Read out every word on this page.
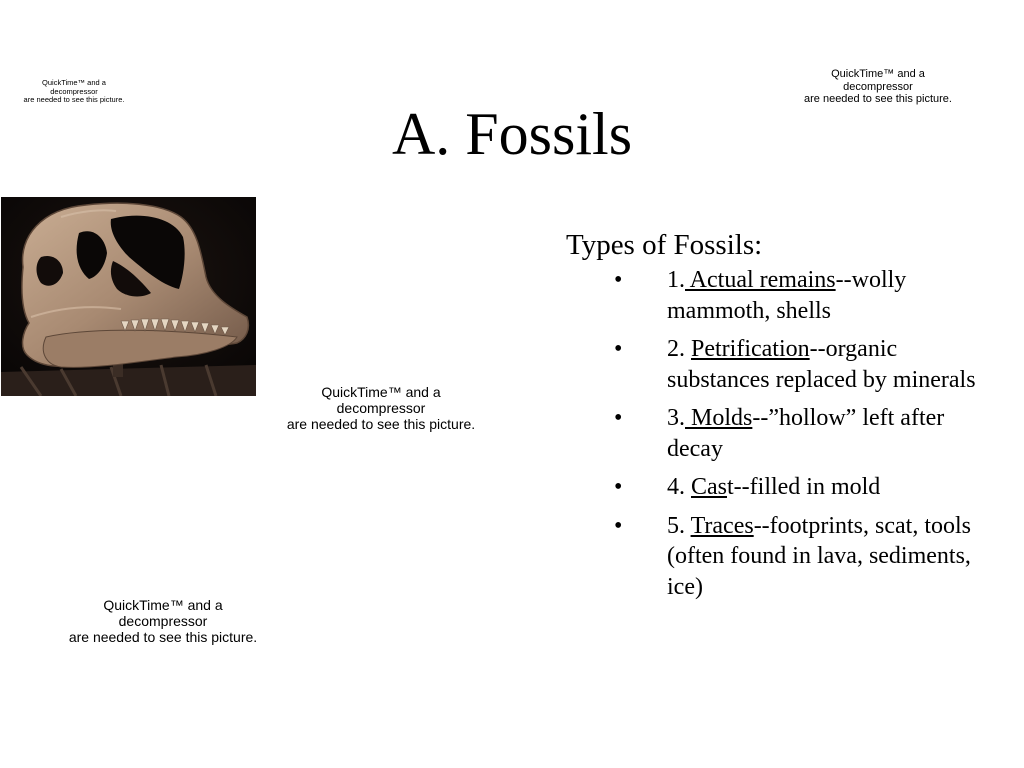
QuickTime™ and a
decompressor
are needed to see this picture.
QuickTime™ and a
decompressor
are needed to see this picture.
QuickTime™ and a
decompressor
are needed to see this picture.
QuickTime™ and a
decompressor
are needed to see this picture.
A. Fossils
Types of Fossils:
• 1. Actual remains--wolly mammoth, shells
• 2. Petrification--organic substances replaced by minerals
• 3. Molds--”hollow” left after decay
• 4. Cast--filled in mold
• 5. Traces--footprints, scat, tools (often found in lava, sediments, ice)
